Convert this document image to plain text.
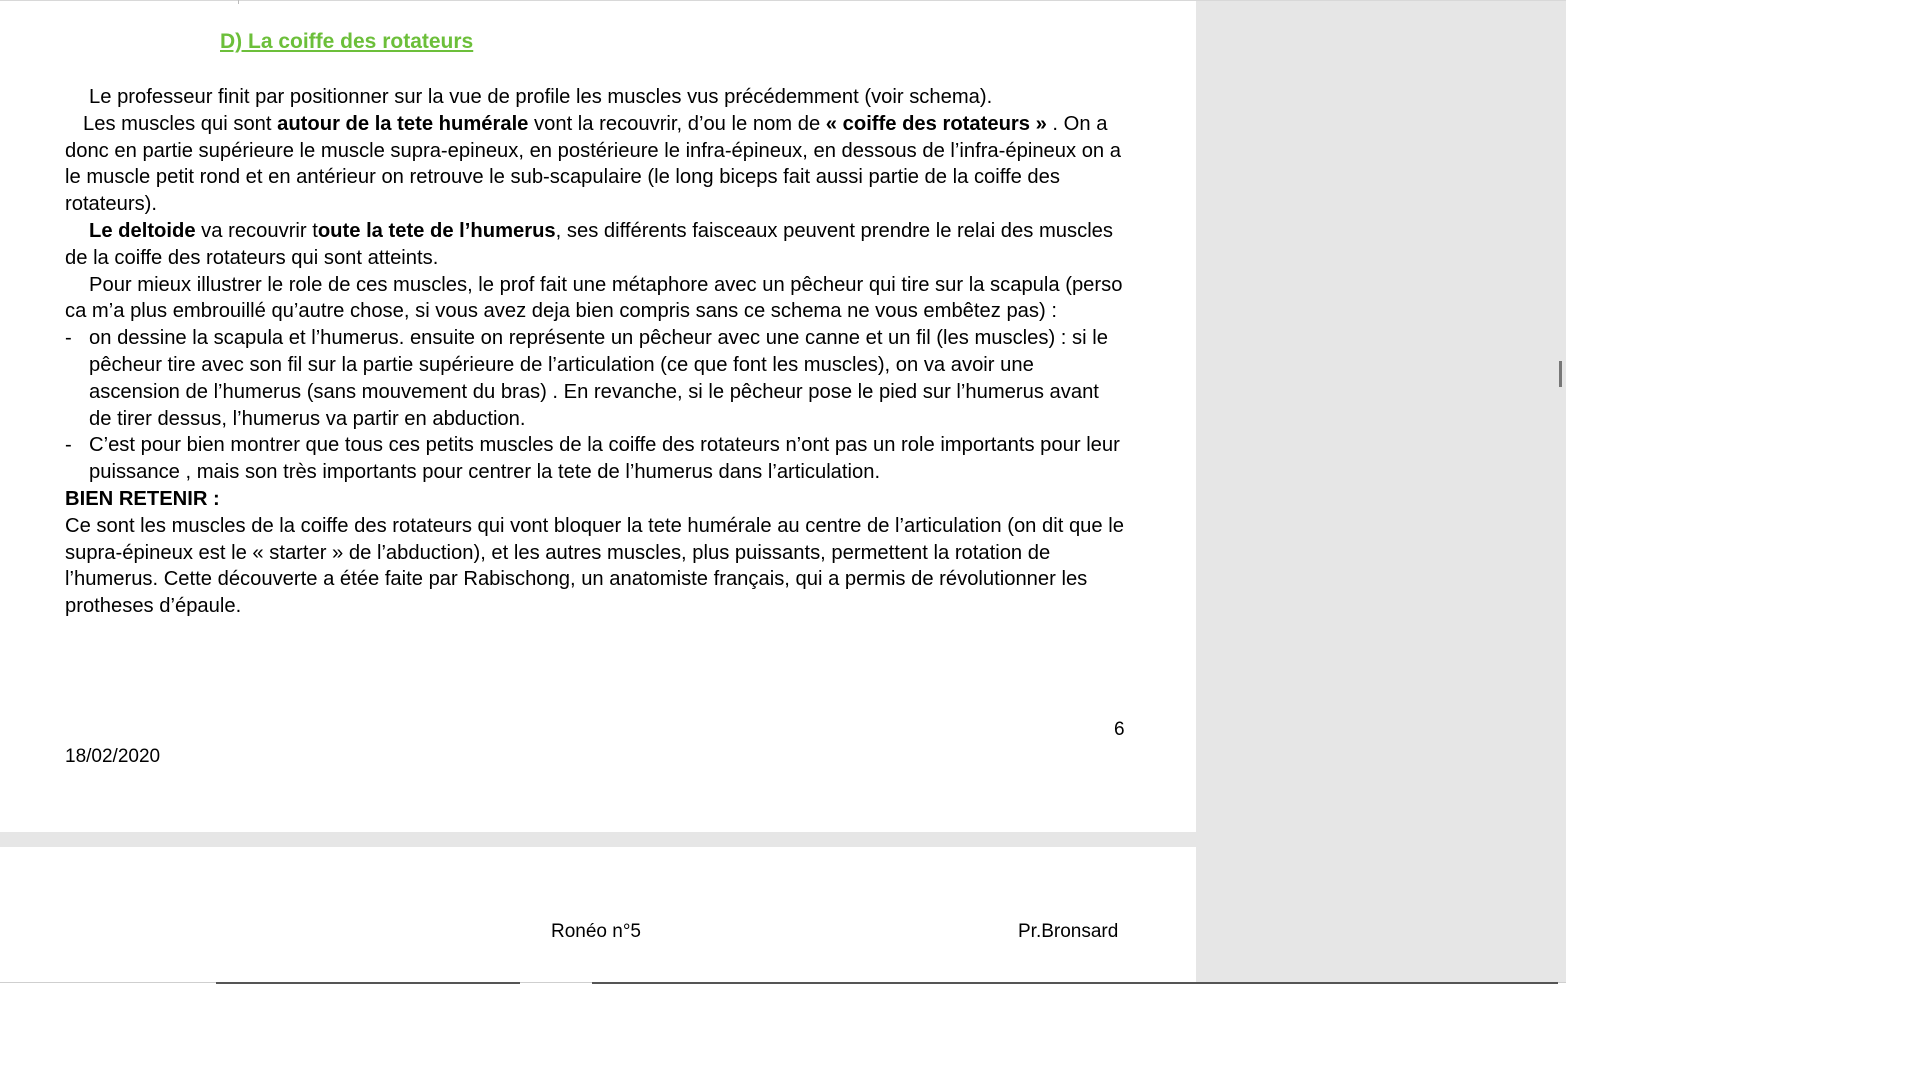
D) La coiffe des rotateurs

Le professeur finit par positionner sur la vue de profile les muscles vus précédemment (voir schema).

Les muscles qui sont autour de la tete humérale vont la recouvrir, d’ou le nom de « coiffe des rotateurs » . On a donc en partie supérieure le muscle supra-epineux, en postérieure le infra-épineux, en dessous de l’infra-épineux on a le muscle petit rond et en antérieur on retrouve le sub-scapulaire (le long biceps fait aussi partie de la coiffe des rotateurs).

Le deltoide va recouvrir toute la tete de l’humerus, ses différents faisceaux peuvent prendre le relai des muscles de la coiffe des rotateurs qui sont atteints.

Pour mieux illustrer le role de ces muscles, le prof fait une métaphore avec un pêcheur qui tire sur la scapula (perso ca m’a plus embrouillé qu’autre chose, si vous avez deja bien compris sans ce schema ne vous embêtez pas) :

- on dessine la scapula et l’humerus. ensuite on représente un pêcheur avec une canne et un fil (les muscles) : si le pêcheur tire avec son fil sur la partie supérieure de l’articulation (ce que font les muscles), on va avoir une ascension de l’humerus (sans mouvement du bras) . En revanche, si le pêcheur pose le pied sur l’humerus avant de tirer dessus, l’humerus va partir en abduction.

- C’est pour bien montrer que tous ces petits muscles de la coiffe des rotateurs n’ont pas un role importants pour leur puissance , mais son très importants pour centrer la tete de l’humerus dans l’articulation.

BIEN RETENIR :

Ce sont les muscles de la coiffe des rotateurs qui vont bloquer la tete humérale au centre de l’articulation (on dit que le supra-épineux est le « starter » de l’abduction), et les autres muscles, plus puissants, permettent la rotation de l’humerus. Cette découverte a étée faite par Rabischong, un anatomiste français, qui a permis de révolutionner les protheses d’épaule.

6
18/02/2020
Ronéo n°5	Pr.Bronsard
